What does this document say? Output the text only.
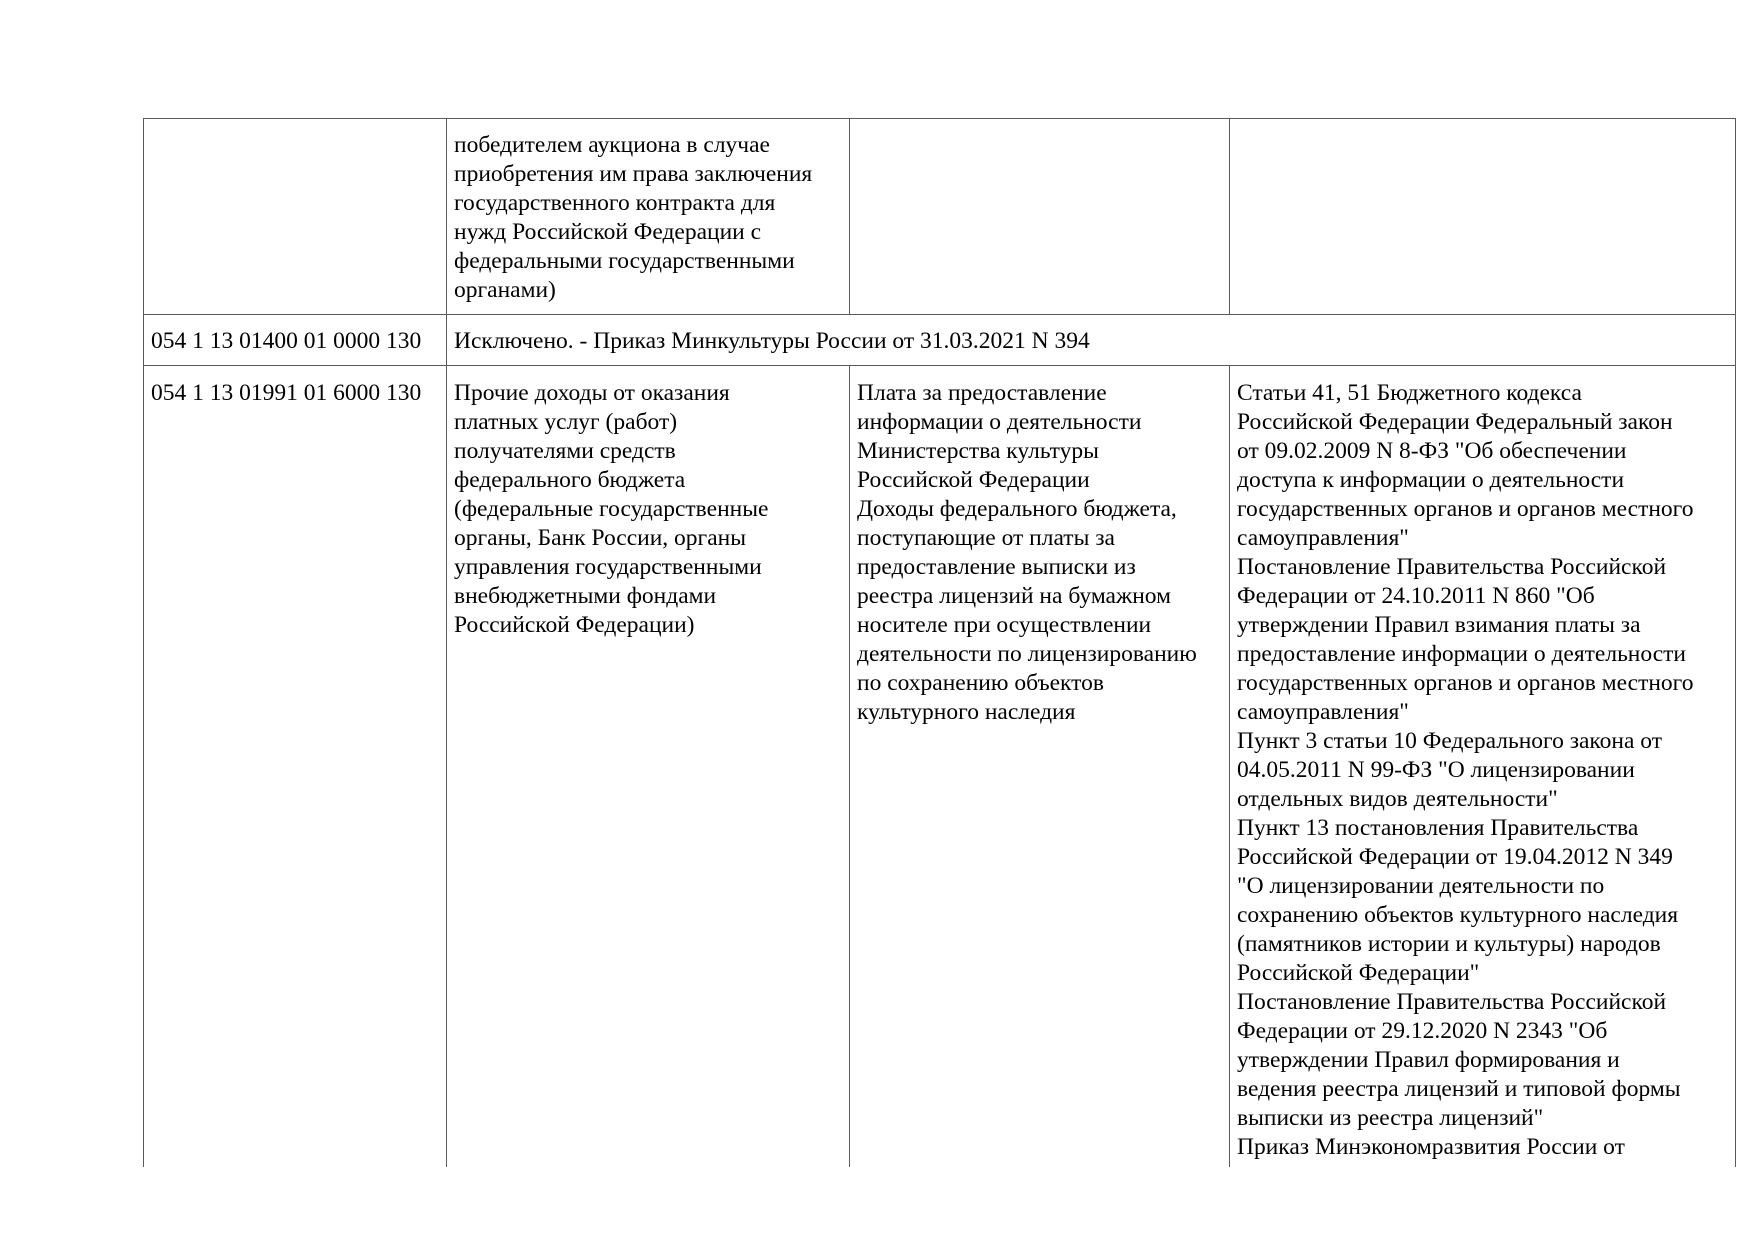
победителем аукциона в случае
приобретения им права заключения
государственного контракта для
нужд Российской Федерации с
федеральными государственными
органами)
054 1 13 01400 01 0000 130 Исключено. - Приказ Минкультуры России от 31.03.2021 N 394
054 1 13 01991 01 6000 130 Прочие доходы от оказания
платных услуг (работ)
получателями средств
федерального бюджета
(федеральные государственные
органы, Банк России, органы
управления государственными
внебюджетными фондами
Российской Федерации)
Плата за предоставление
информации о деятельности
Министерства культуры
Российской Федерации
Доходы федерального бюджета,
поступающие от платы за
предоставление выписки из
реестра лицензий на бумажном
носителе при осуществлении
деятельности по лицензированию
по сохранению объектов
культурного наследия
Статьи 41, 51 Бюджетного кодекса
Российской Федерации Федеральный закон
от 09.02.2009 N 8-ФЗ "Об обеспечении
доступа к информации о деятельности
государственных органов и органов местного
самоуправления"
Постановление Правительства Российской
Федерации от 24.10.2011 N 860 "Об
утверждении Правил взимания платы за
предоставление информации о деятельности
государственных органов и органов местного
самоуправления"
Пункт 3 статьи 10 Федерального закона от
04.05.2011 N 99-ФЗ "О лицензировании
отдельных видов деятельности"
Пункт 13 постановления Правительства
Российской Федерации от 19.04.2012 N 349
"О лицензировании деятельности по
сохранению объектов культурного наследия
(памятников истории и культуры) народов
Российской Федерации"
Постановление Правительства Российской
Федерации от 29.12.2020 N 2343 "Об
утверждении Правил формирования и
ведения реестра лицензий и типовой формы
выписки из реестра лицензий"
Приказ Минэкономразвития России от
